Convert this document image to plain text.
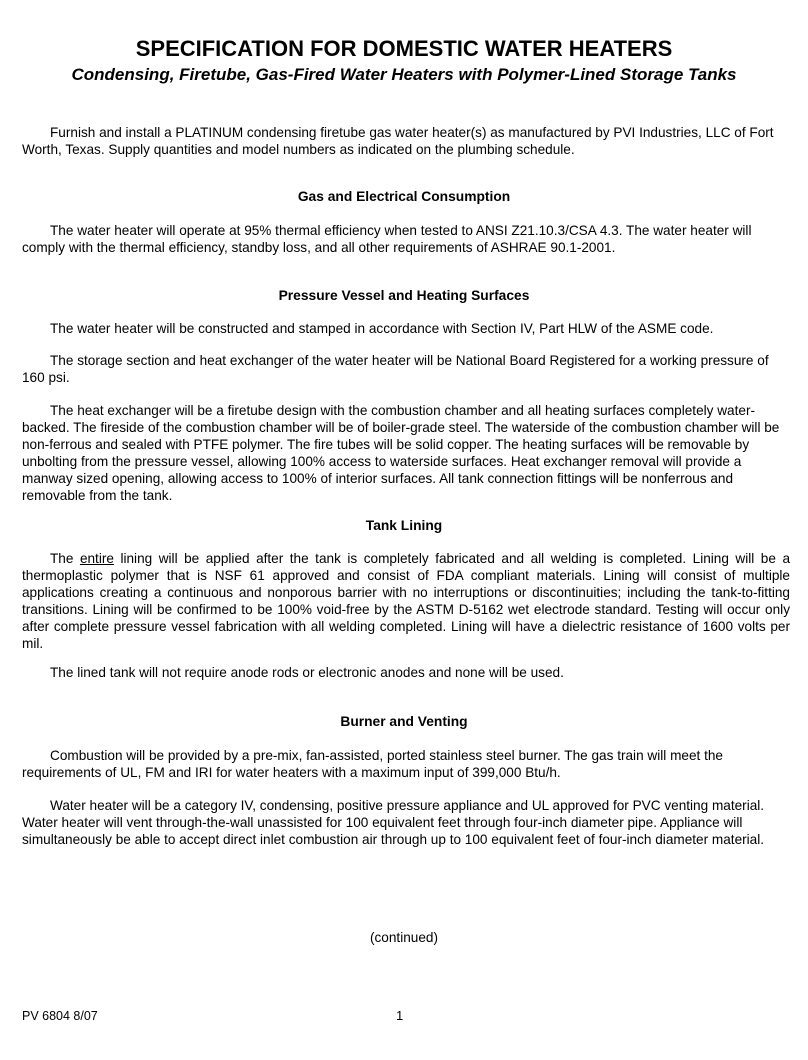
SPECIFICATION FOR DOMESTIC WATER HEATERS
Condensing, Firetube, Gas-Fired Water Heaters with Polymer-Lined Storage Tanks

Furnish and install a PLATINUM condensing firetube gas water heater(s) as manufactured by PVI Industries, LLC of Fort Worth, Texas. Supply quantities and model numbers as indicated on the plumbing schedule.

Gas and Electrical Consumption

The water heater will operate at 95% thermal efficiency when tested to ANSI Z21.10.3/CSA 4.3. The water heater will comply with the thermal efficiency, standby loss, and all other requirements of ASHRAE 90.1-2001.

Pressure Vessel and Heating Surfaces

The water heater will be constructed and stamped in accordance with Section IV, Part HLW of the ASME code.

The storage section and heat exchanger of the water heater will be National Board Registered for a working pressure of 160 psi.

The heat exchanger will be a firetube design with the combustion chamber and all heating surfaces completely water-backed. The fireside of the combustion chamber will be of boiler-grade steel. The waterside of the combustion chamber will be non-ferrous and sealed with PTFE polymer. The fire tubes will be solid copper. The heating surfaces will be removable by unbolting from the pressure vessel, allowing 100% access to waterside surfaces. Heat exchanger removal will provide a manway sized opening, allowing access to 100% of interior surfaces. All tank connection fittings will be nonferrous and removable from the tank.

Tank Lining

The entire lining will be applied after the tank is completely fabricated and all welding is completed. Lining will be a thermoplastic polymer that is NSF 61 approved and consist of FDA compliant materials. Lining will consist of multiple applications creating a continuous and nonporous barrier with no interruptions or discontinuities; including the tank-to-fitting transitions. Lining will be confirmed to be 100% void-free by the ASTM D-5162 wet electrode standard. Testing will occur only after complete pressure vessel fabrication with all welding completed. Lining will have a dielectric resistance of 1600 volts per mil.

The lined tank will not require anode rods or electronic anodes and none will be used.

Burner and Venting

Combustion will be provided by a pre-mix, fan-assisted, ported stainless steel burner. The gas train will meet the requirements of UL, FM and IRI for water heaters with a maximum input of 399,000 Btu/h.

Water heater will be a category IV, condensing, positive pressure appliance and UL approved for PVC venting material. Water heater will vent through-the-wall unassisted for 100 equivalent feet through four-inch diameter pipe. Appliance will simultaneously be able to accept direct inlet combustion air through up to 100 equivalent feet of four-inch diameter material.

(continued)
PV 6804 8/07	1
